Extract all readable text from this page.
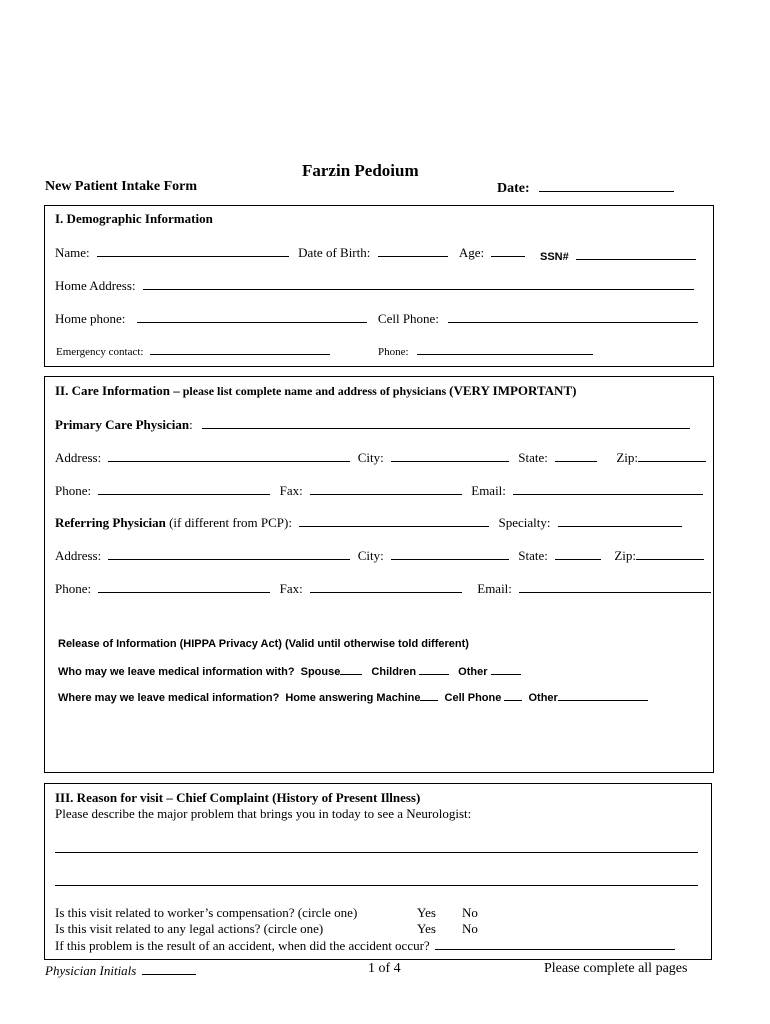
Farzin Pedoium
New Patient Intake Form	Date:
I. Demographic Information
Name:	Date of Birth:	Age:	SSN#
Home Address:
Home phone:	Cell Phone:
Emergency contact:	Phone:
II. Care Information – please list complete name and address of physicians (VERY IMPORTANT)
Primary Care Physician:
Address:	City:	State:	Zip:
Phone:	Fax:	Email:
Referring Physician (if different from PCP):	Specialty:
Address:	City:	State:	Zip:
Phone:	Fax:	Email:
Release of Information (HIPPA Privacy Act) (Valid until otherwise told different)
Who may we leave medical information with? Spouse	Children	Other
Where may we leave medical information? Home answering Machine Cell Phone Other
III. Reason for visit – Chief Complaint (History of Present Illness)
Please describe the major problem that brings you in today to see a Neurologist:
Is this visit related to worker’s compensation? (circle one)	Yes No
Is this visit related to any legal actions? (circle one)	Yes No
If this problem is the result of an accident, when did the accident occur?
Physician Initials	1 of 4	Please complete all pages
